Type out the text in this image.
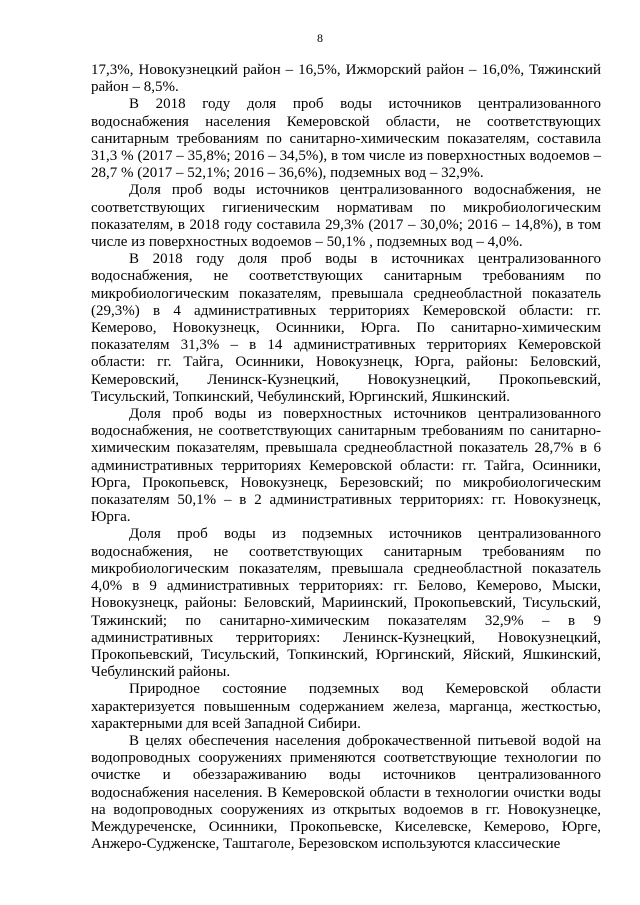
8

17,3%, Новокузнецкий район – 16,5%, Ижморский район – 16,0%, Тяжинский район – 8,5%.

В 2018 году доля проб воды источников централизованного водоснабжения населения Кемеровской области, не соответствующих санитарным требованиям по санитарно-химическим показателям, составила 31,3 % (2017 – 35,8%; 2016 – 34,5%), в том числе из поверхностных водоемов – 28,7 % (2017 – 52,1%; 2016 – 36,6%), подземных вод – 32,9%.

Доля проб воды источников централизованного водоснабжения, не соответствующих гигиеническим нормативам по микробиологическим показателям, в 2018 году составила 29,3% (2017 – 30,0%; 2016 – 14,8%), в том числе из поверхностных водоемов – 50,1% , подземных вод – 4,0%.

В 2018 году доля проб воды в источниках централизованного водоснабжения, не соответствующих санитарным требованиям по микробиологическим показателям, превышала среднеобластной показатель (29,3%) в 4 административных территориях Кемеровской области: гг. Кемерово, Новокузнецк, Осинники, Юрга. По санитарно-химическим показателям 31,3% – в 14 административных территориях Кемеровской области: гг. Тайга, Осинники, Новокузнецк, Юрга, районы: Беловский, Кемеровский, Ленинск-Кузнецкий, Новокузнецкий, Прокопьевский, Тисульский, Топкинский, Чебулинский, Юргинский, Яшкинский.

Доля проб воды из поверхностных источников централизованного водоснабжения, не соответствующих санитарным требованиям по санитарно-химическим показателям, превышала среднеобластной показатель 28,7% в 6 административных территориях Кемеровской области: гг. Тайга, Осинники, Юрга, Прокопьевск, Новокузнецк, Березовский; по микробиологическим показателям 50,1% – в 2 административных территориях: гг. Новокузнецк, Юрга.

Доля проб воды из подземных источников централизованного водоснабжения, не соответствующих санитарным требованиям по микробиологическим показателям, превышала среднеобластной показатель 4,0% в 9 административных территориях: гг. Белово, Кемерово, Мыски, Новокузнецк, районы: Беловский, Мариинский, Прокопьевский, Тисульский, Тяжинский; по санитарно-химическим показателям 32,9% – в 9 административных территориях: Ленинск-Кузнецкий, Новокузнецкий, Прокопьевский, Тисульский, Топкинский, Юргинский, Яйский, Яшкинский, Чебулинский районы.

Природное состояние подземных вод Кемеровской области характеризуется повышенным содержанием железа, марганца, жесткостью, характерными для всей Западной Сибири.

В целях обеспечения населения доброкачественной питьевой водой на водопроводных сооружениях применяются соответствующие технологии по очистке и обеззараживанию воды источников централизованного водоснабжения населения. В Кемеровской области в технологии очистки воды на водопроводных сооружениях из открытых водоемов в гг. Новокузнецке, Междуреченске, Осинники, Прокопьевске, Киселевске, Кемерово, Юрге, Анжеро-Судженске, Таштаголе, Березовском используются классические
